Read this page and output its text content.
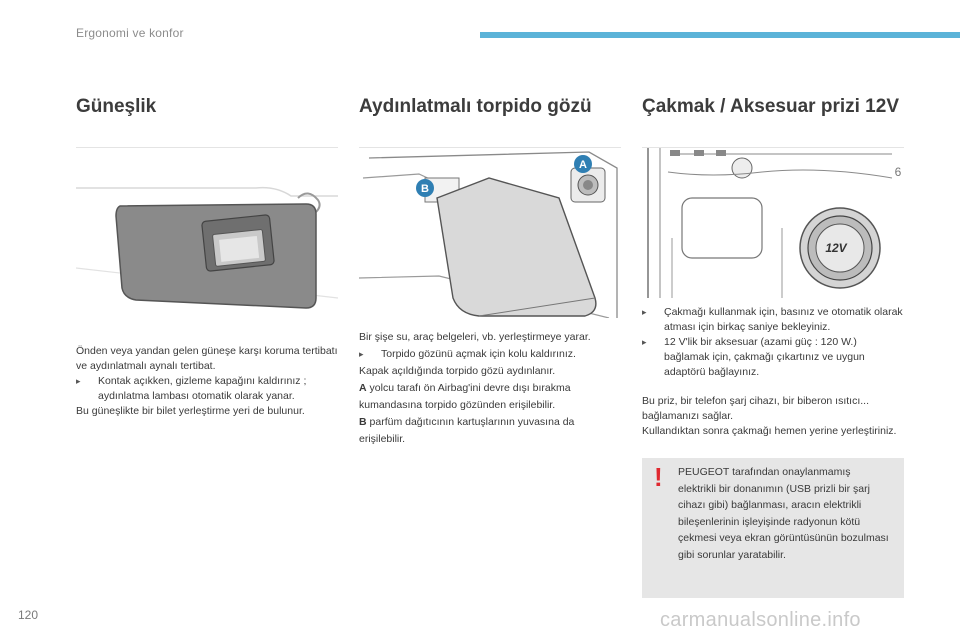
Ergonomi ve konfor
Güneşlik

Önden veya yandan gelen güneşe karşı koruma tertibatı ve aydınlatmalı aynalı tertibat.

▸ Kontak açıkken, gizleme kapağını kaldırınız ; aydınlatma lambası otomatik olarak yanar.

Bu güneşlikte bir bilet yerleştirme yeri de bulunur.

Aydınlatmalı torpido gözü
A
B

Bir şişe su, araç belgeleri, vb. yerleştirmeye yarar.

▸ Torpido gözünü açmak için kolu kaldırınız.

Kapak açıldığında torpido gözü aydınlanır.

A yolcu tarafı ön Airbag'ini devre dışı bırakma kumandasına torpido gözünden erişilebilir.

B parfüm dağıtıcının kartuşlarının yuvasına da erişilebilir.

Çakmak / Aksesuar prizi 12V
12V
6
▸ Çakmağı kullanmak için, basınız ve otomatik olarak atması için birkaç saniye bekleyiniz.
▸ 12 V'lik bir aksesuar (azami güç : 120 W.) bağlamak için, çakmağı çıkartınız ve uygun adaptörü bağlayınız.

Bu priz, bir telefon şarj cihazı, bir biberon ısıtıcı... bağlamanızı sağlar.

Kullandıktan sonra çakmağı hemen yerine yerleştiriniz.

! PEUGEOT tarafından onaylanmamış elektrikli bir donanımın (USB prizli bir şarj cihazı gibi) bağlanması, aracın elektrikli bileşenlerinin işleyişinde radyonun kötü çekmesi veya ekran görüntüsünün bozulması gibi sorunlar yaratabilir.
120	carmanualsonline.info
